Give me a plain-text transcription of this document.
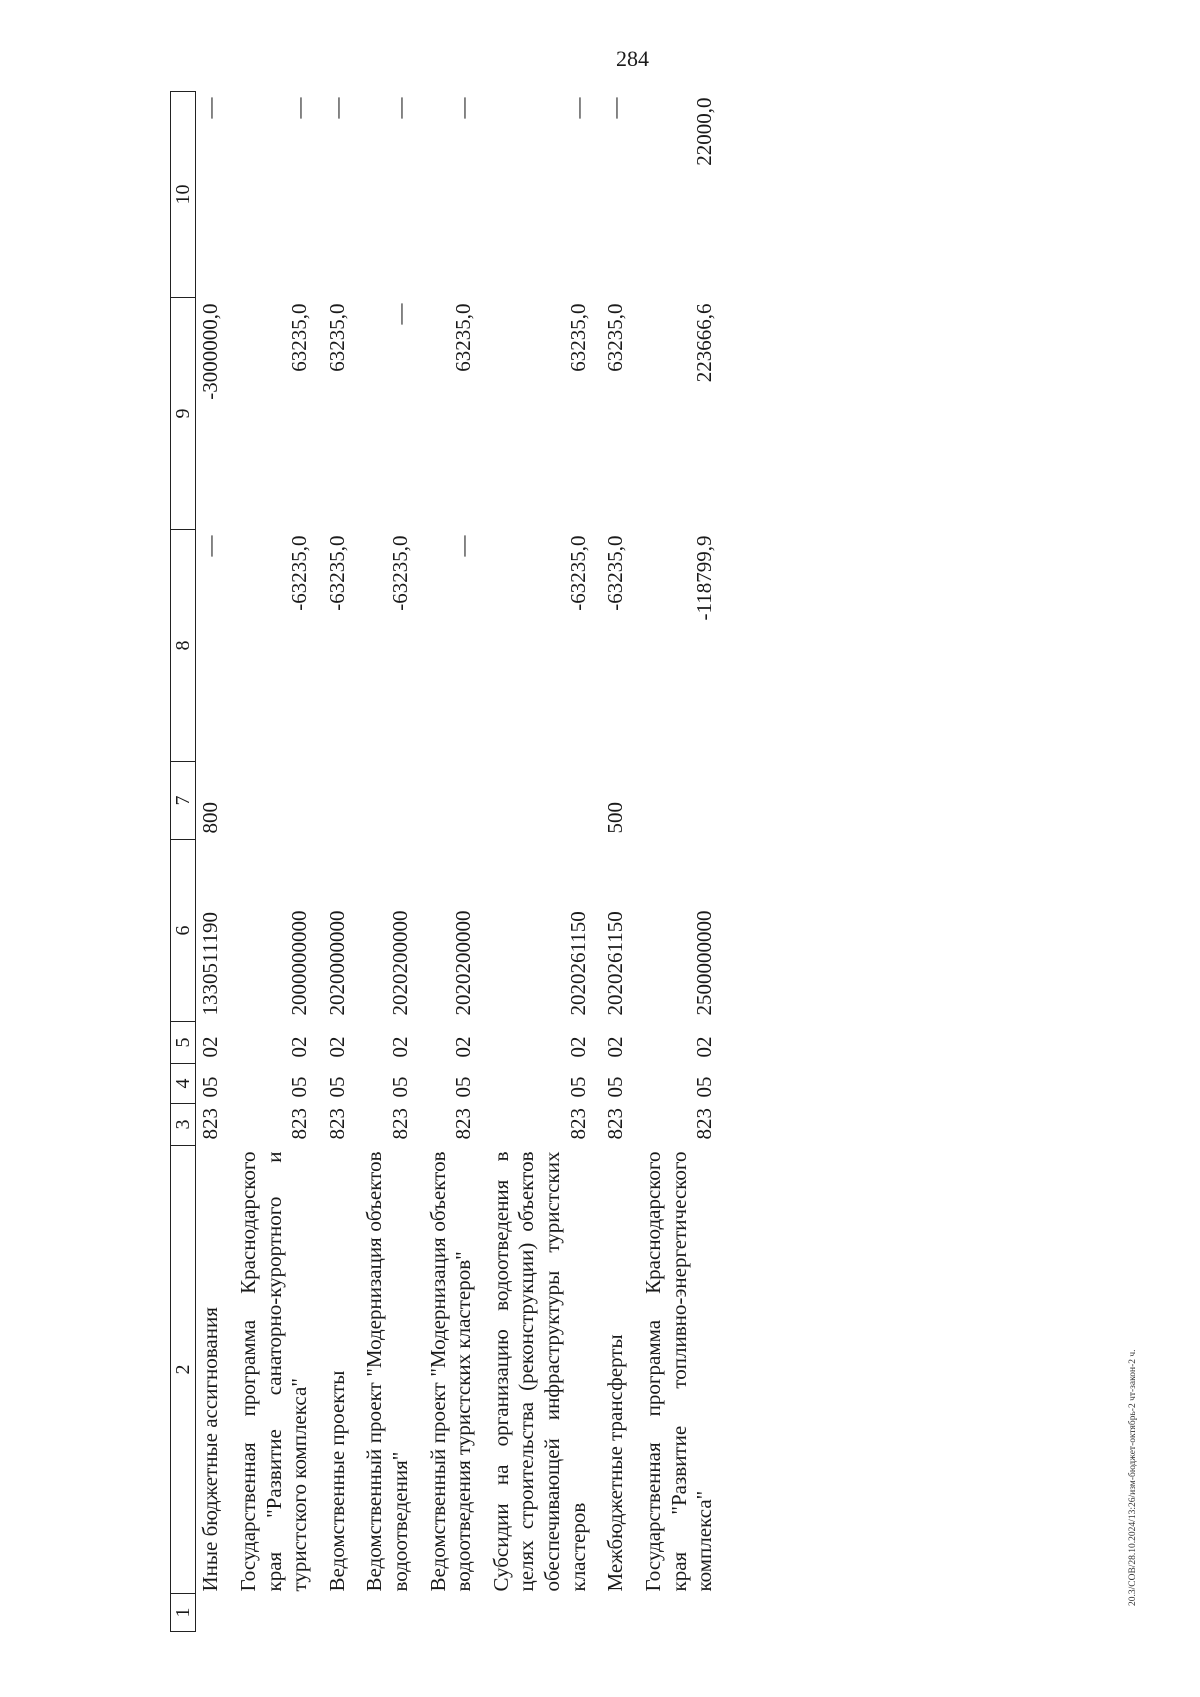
284
1	2	3	4	5	6	7	8	9	10
	Иные бюджетные ассигнования	823	05	02	1330511190	800	—	-3000000,0	—
	Государственная программа Краснодарского края "Развитие санаторно-курортного и туристского комплекса"	823	05	02	2000000000		-63235,0	63235,0	—
	Ведомственные проекты	823	05	02	2020000000		-63235,0	63235,0	—
	Ведомственный проект "Модернизация объектов водоотведения"	823	05	02	2020200000		-63235,0	—	—
	Ведомственный проект "Модернизация объектов водоотведения туристских кластеров"	823	05	02	2020200000		—	63235,0	—
	Субсидии на организацию водоотведения в целях строительства (реконструкции) объектов обеспечивающей инфраструктуры туристских кластеров	823	05	02	2020261150		-63235,0	63235,0	—
	Межбюджетные трансферты	823	05	02	2020261150	500	-63235,0	63235,0	—
	Государственная программа Краснодарского края "Развитие топливно-энергетического комплекса"	823	05	02	2500000000		-118799,9	223666,6	22000,0
20.3/СОВ/28.10.2024/13:26/изм-бюджет-октябрь-2 чт-закон-2 ч.
